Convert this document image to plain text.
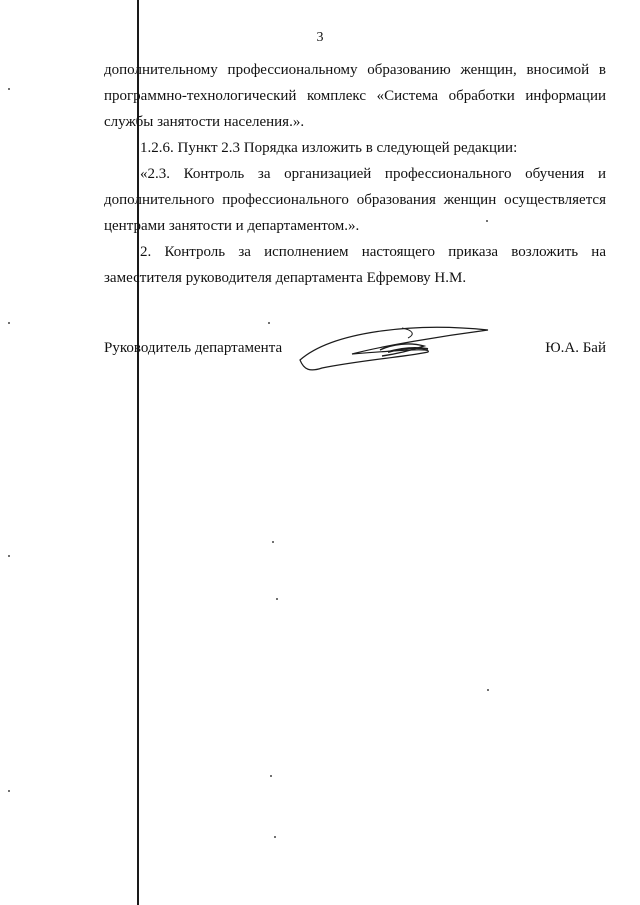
3
дополнительному профессиональному образованию женщин, вносимой в
программно-технологический комплекс «Система обработки информации
службы занятости населения.».
1.2.6. Пункт 2.3 Порядка изложить в следующей редакции:
«2.3. Контроль за организацией профессионального обучения и
дополнительного профессионального образования женщин осуществляется
центрами занятости и департаментом.».
2. Контроль за исполнением настоящего приказа возложить на
заместителя руководителя департамента Ефремову Н.М.
Руководитель департамента	Ю.А. Бай
